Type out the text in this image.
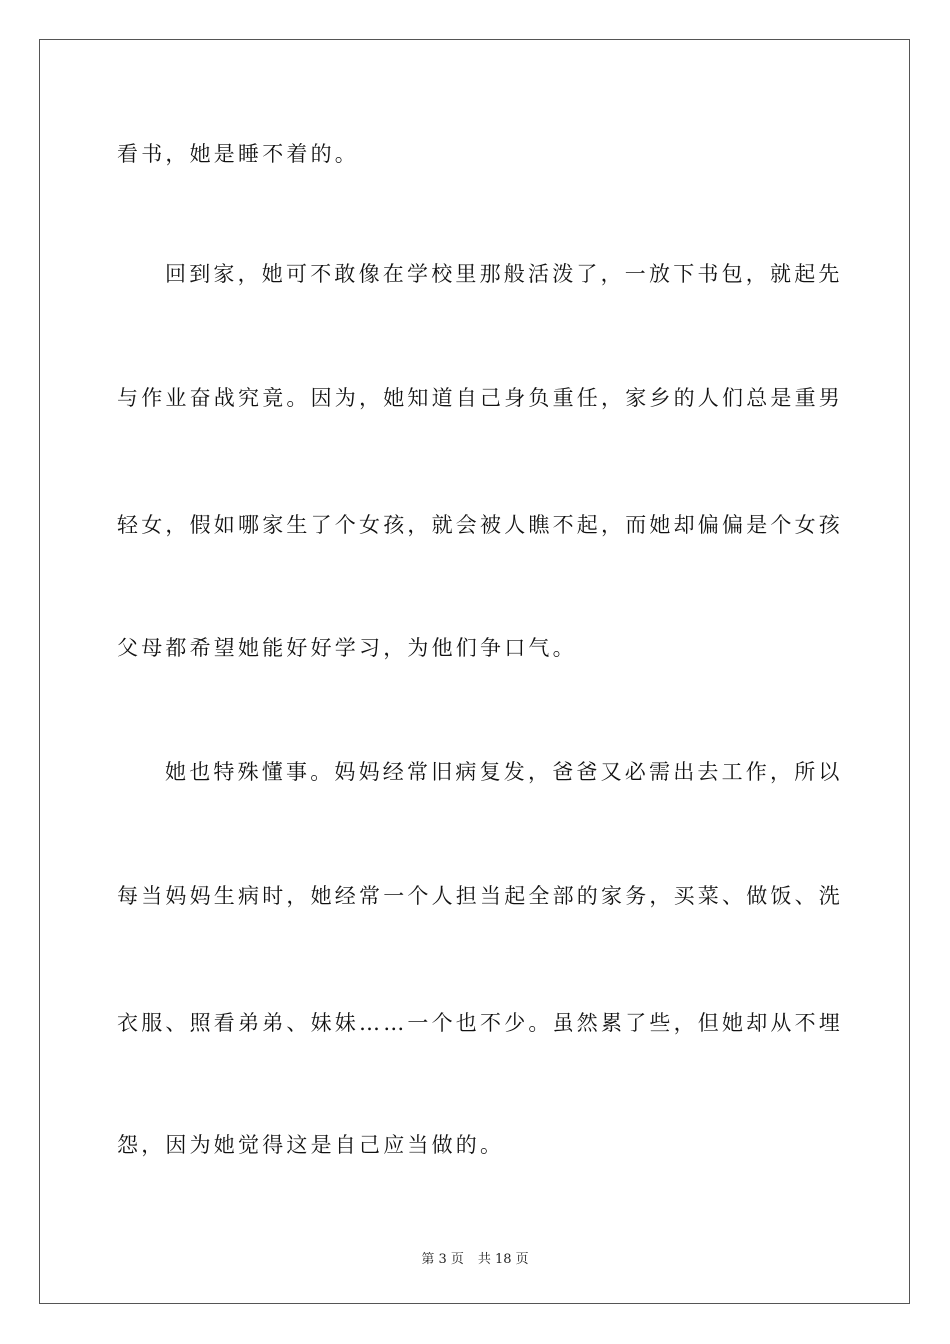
看书，她是睡不着的。
回到家，她可不敢像在学校里那般活泼了，一放下书包，就起先
与作业奋战究竟。因为，她知道自己身负重任，家乡的人们总是重男
轻女，假如哪家生了个女孩，就会被人瞧不起，而她却偏偏是个女孩
父母都希望她能好好学习，为他们争口气。
她也特殊懂事。妈妈经常旧病复发，爸爸又必需出去工作，所以
每当妈妈生病时，她经常一个人担当起全部的家务，买菜、做饭、洗
衣服、照看弟弟、妹妹……一个也不少。虽然累了些，但她却从不埋
怨，因为她觉得这是自己应当做的。
第 3 页 共 18 页
